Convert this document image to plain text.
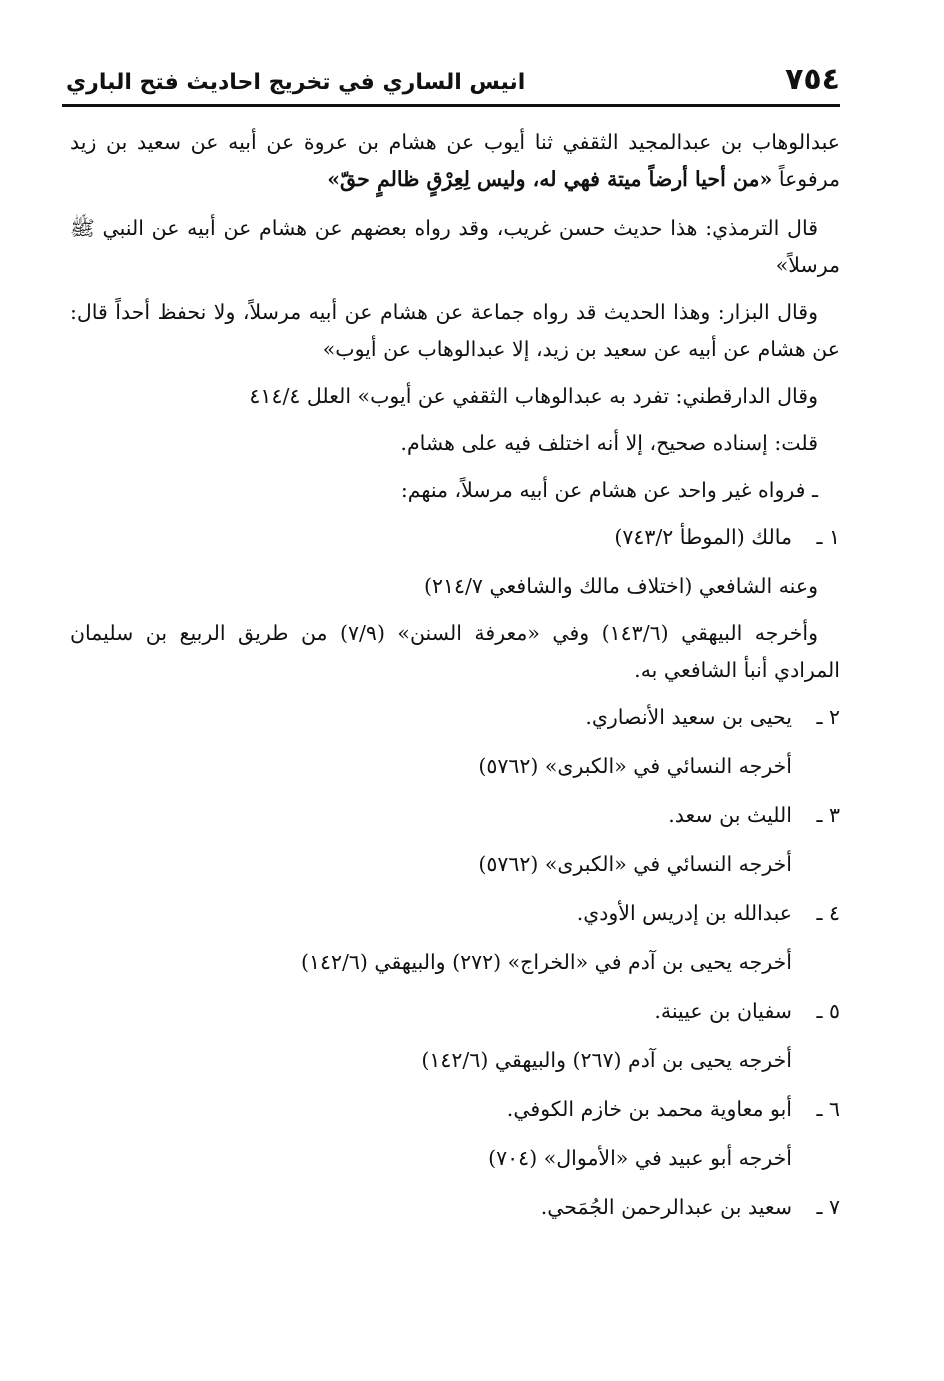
٧٥٤
انيس الساري في تخريج احاديث فتح الباري

عبدالوهاب بن عبدالمجيد الثقفي ثنا أيوب عن هشام بن عروة عن أبيه عن سعيد بن زيد مرفوعاً «من أحيا أرضاً ميتة فهي له، وليس لِعِرْقٍ ظالمٍ حقّ»

قال الترمذي: هذا حديث حسن غريب، وقد رواه بعضهم عن هشام عن أبيه عن النبي ﷺ مرسلاً»

وقال البزار: وهذا الحديث قد رواه جماعة عن هشام عن أبيه مرسلاً، ولا نحفظ أحداً قال: عن هشام عن أبيه عن سعيد بن زيد، إلا عبدالوهاب عن أيوب»

وقال الدارقطني: تفرد به عبدالوهاب الثقفي عن أيوب» العلل ٤١٤/٤

قلت: إسناده صحيح، إلا أنه اختلف فيه على هشام.

ـ فرواه غير واحد عن هشام عن أبيه مرسلاً، منهم:

١ ـ
مالك (الموطأ ٧٤٣/٢)

وعنه الشافعي (اختلاف مالك والشافعي ٢١٤/٧)

وأخرجه البيهقي (١٤٣/٦) وفي «معرفة السنن» (٧/٩) من طريق الربيع بن سليمان المرادي أنبأ الشافعي به.

٢ ـ
يحيى بن سعيد الأنصاري.

أخرجه النسائي في «الكبرى» (٥٧٦٢)

٣ ـ
الليث بن سعد.

أخرجه النسائي في «الكبرى» (٥٧٦٢)

٤ ـ
عبدالله بن إدريس الأودي.

أخرجه يحيى بن آدم في «الخراج» (٢٧٢) والبيهقي (١٤٢/٦)

٥ ـ
سفيان بن عيينة.

أخرجه يحيى بن آدم (٢٦٧) والبيهقي (١٤٢/٦)

٦ ـ
أبو معاوية محمد بن خازم الكوفي.

أخرجه أبو عبيد في «الأموال» (٧٠٤)

٧ ـ
سعيد بن عبدالرحمن الجُمَحي.
